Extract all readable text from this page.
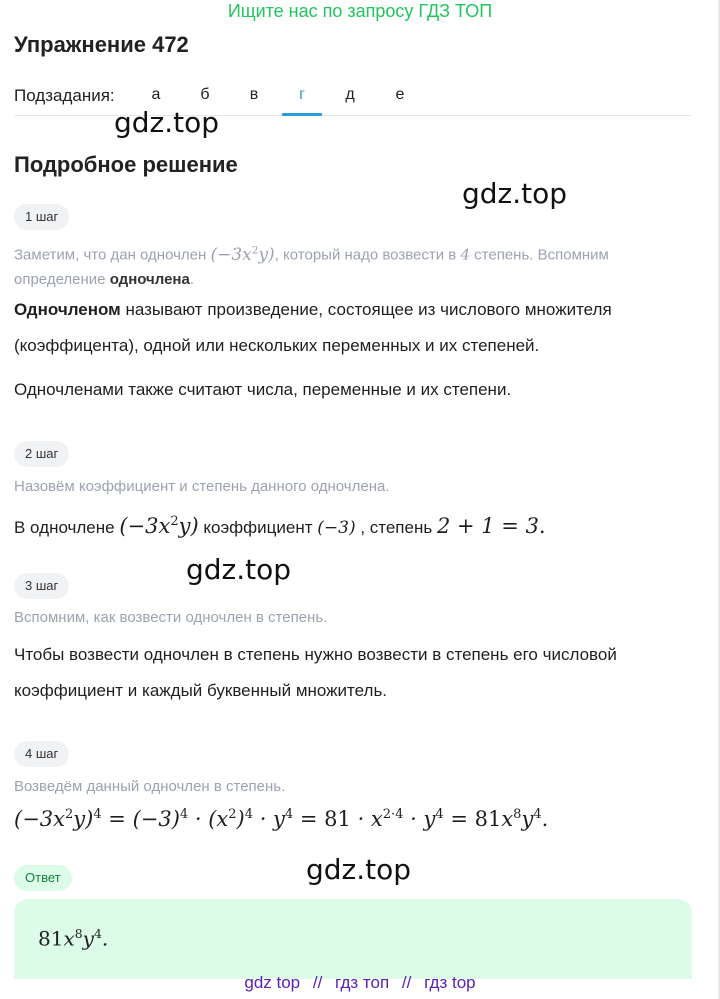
Ищите нас по запросу ГДЗ ТОП
Упражнение 472
Подзадания:	а	б	в	г	д	е
gdz.top
gdz.top
gdz.top
gdz.top
Подробное решение
1 шаг
Заметим, что дан одночлен $(-3x^2y)$, который надо возвести в 4 степень. Вспомним
определение одночлена.
Одночленом называют произведение, состоящее из числового множителя
(коэффицента), одной или нескольких переменных и их степеней.
Одночленами также считают числа, переменные и их степени.
2 шаг
Назовём коэффициент и степень данного одночлена.
В одночлене $(-3x^2y)$ коэффициент (−3) , степень 2 + 1 = 3.
3 шаг
Вспомним, как возвести одночлен в степень.
Чтобы возвести одночлен в степень нужно возвести в степень его числовой
коэффициент и каждый буквенный множитель.
4 шаг
Возведём данный одночлен в степень.
$(-3x^2y)^4 = (-3)^4 \cdot (x^2)^4 \cdot y^4 = 81 \cdot x^{2\cdot 4} \cdot y^4 = 81x^8y^4$.
Ответ
$81x^8y^4$.
gdz top // гдз топ // гдз top
